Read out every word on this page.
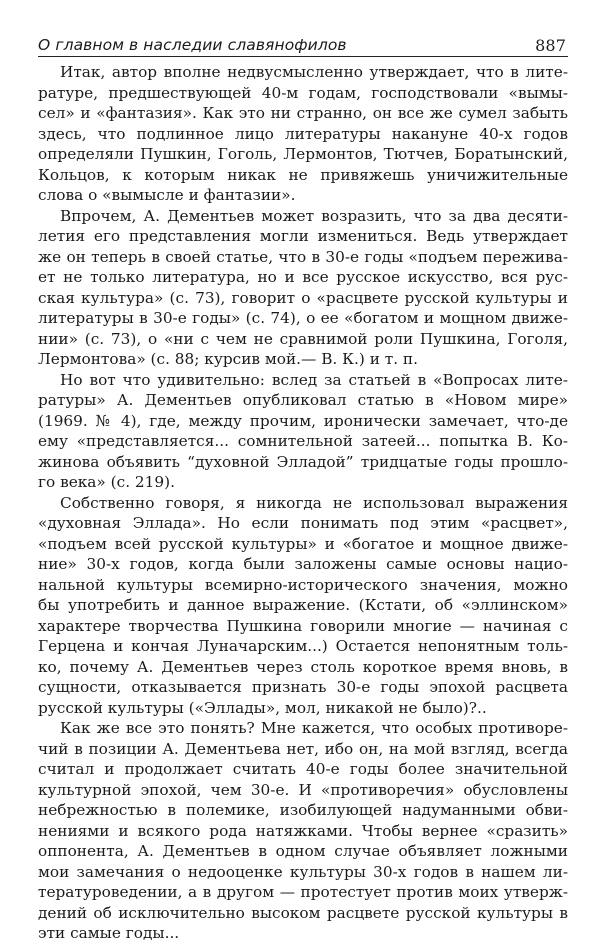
О главном в наследии славянофилов	887
Итак, автор вполне недвусмысленно утверждает, что в лите-
ратуре, предшествующей 40-м годам, господствовали «вымы-
сел» и «фантазия». Как это ни странно, он все же сумел забыть
здесь, что подлинное лицо литературы накануне 40-х годов
определяли Пушкин, Гоголь, Лермонтов, Тютчев, Боратынский,
Кольцов, к которым никак не привяжешь уничижительные
слова о «вымысле и фантазии».
Впрочем, А. Дементьев может возразить, что за два десяти-
летия его представления могли измениться. Ведь утверждает
же он теперь в своей статье, что в 30-е годы «подъем пережива-
ет не только литература, но и все русское искусство, вся рус-
ская культура» (с. 73), говорит о «расцвете русской культуры и
литературы в 30-е годы» (с. 74), о ее «богатом и мощном движе-
нии» (с. 73), о «ни с чем не сравнимой роли Пушкина, Гоголя,
Лермонтова» (с. 88; курсив мой.— В. К.) и т. п.
Но вот что удивительно: вслед за статьей в «Вопросах лите-
ратуры» А. Дементьев опубликовал статью в «Новом мире»
(1969. № 4), где, между прочим, иронически замечает, что-де
ему «представляется... сомнительной затеей... попытка В. Ко-
жинова объявить “духовной Элладой” тридцатые годы прошло-
го века» (с. 219).
Собственно говоря, я никогда не использовал выражения
«духовная Эллада». Но если понимать под этим «расцвет»,
«подъем всей русской культуры» и «богатое и мощное движе-
ние» 30-х годов, когда были заложены самые основы нацио-
нальной культуры всемирно-исторического значения, можно
бы употребить и данное выражение. (Кстати, об «эллинском»
характере творчества Пушкина говорили многие — начиная с
Герцена и кончая Луначарским...) Остается непонятным толь-
ко, почему А. Дементьев через столь короткое время вновь, в
сущности, отказывается признать 30-е годы эпохой расцвета
русской культуры («Эллады», мол, никакой не было)?..
Как же все это понять? Мне кажется, что особых противоре-
чий в позиции А. Дементьева нет, ибо он, на мой взгляд, всегда
считал и продолжает считать 40-е годы более значительной
культурной эпохой, чем 30-е. И «противоречия» обусловлены
небрежностью в полемике, изобилующей надуманными обви-
нениями и всякого рода натяжками. Чтобы вернее «сразить»
оппонента, А. Дементьев в одном случае объявляет ложными
мои замечания о недооценке культуры 30-х годов в нашем ли-
тературоведении, а в другом — протестует против моих утверж-
дений об исключительно высоком расцвете русской культуры в
эти самые годы...
